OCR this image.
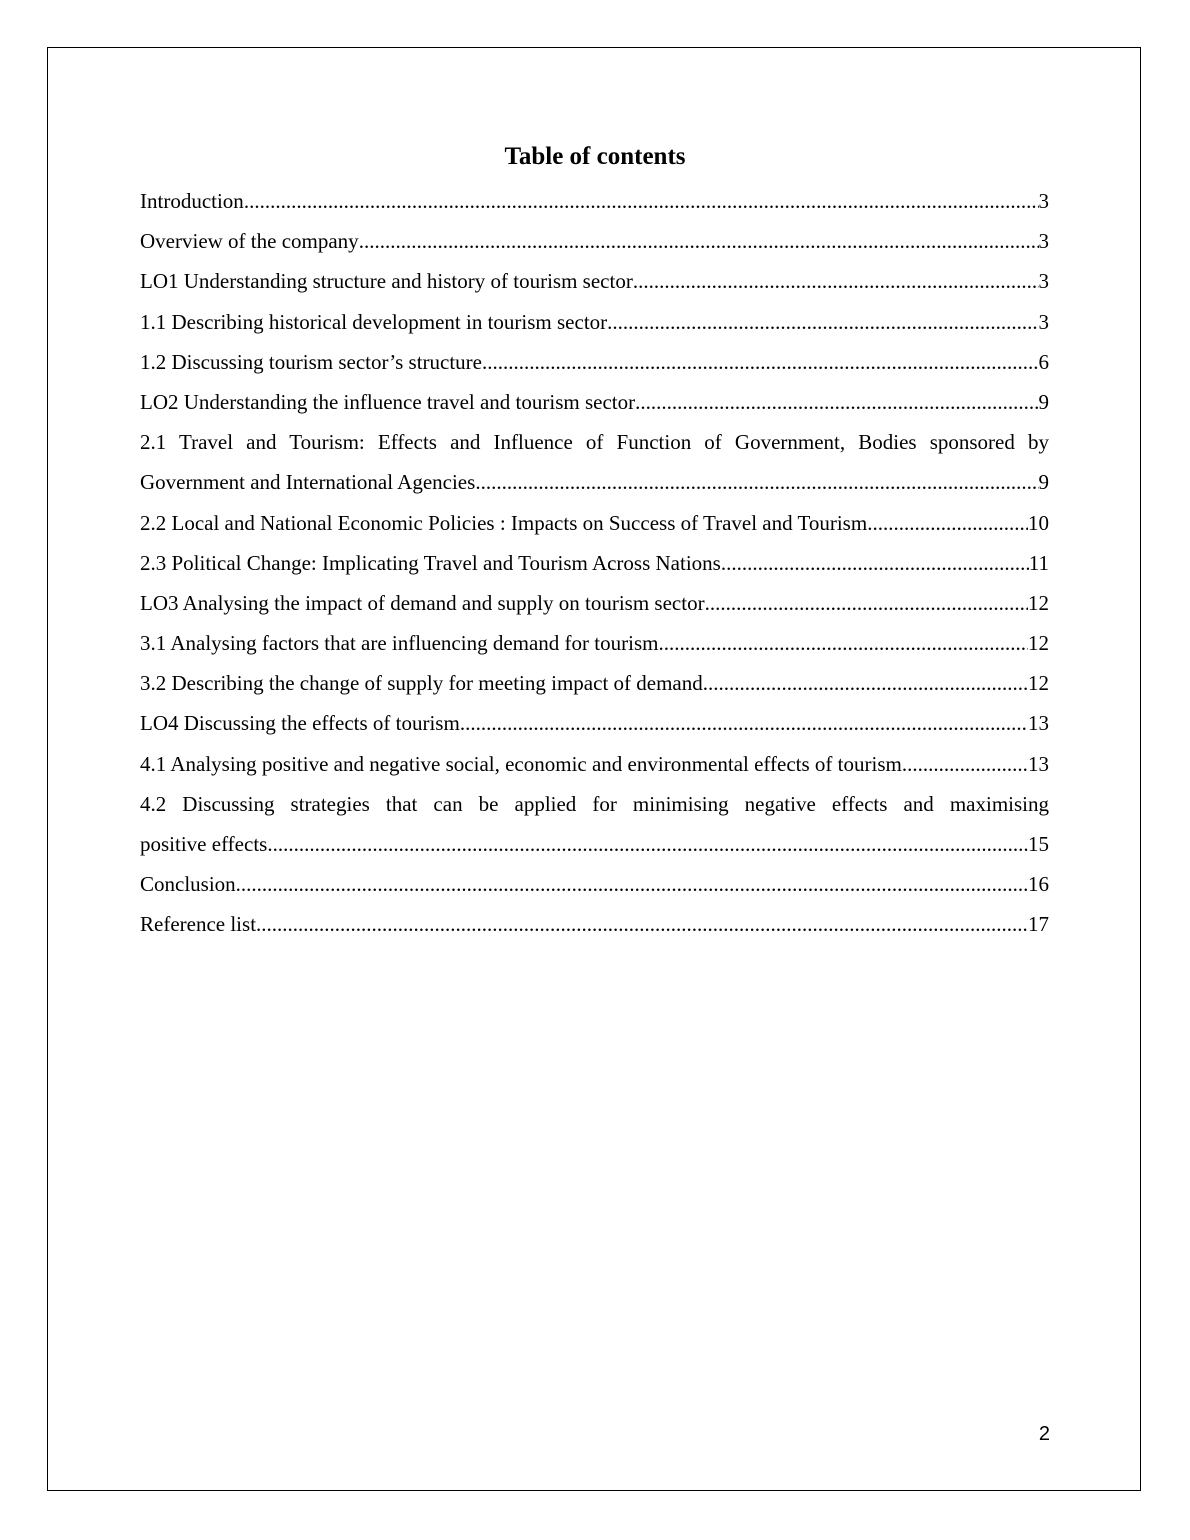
Table of contents
Introduction .....	3
Overview of the company .....	3
LO1 Understanding structure and history of tourism sector .....	3
1.1 Describing historical development in tourism sector .....	3
1.2 Discussing tourism sector’s structure .....	6
LO2 Understanding the influence travel and tourism sector .....	9
2.1 Travel and Tourism: Effects and Influence of Function of Government, Bodies sponsored by
Government and International Agencies .....	9
2.2 Local and National Economic Policies : Impacts on Success of Travel and Tourism .....	10
2.3 Political Change: Implicating Travel and Tourism Across Nations .....	11
LO3 Analysing the impact of demand and supply on tourism sector .....	12
3.1 Analysing factors that are influencing demand for tourism .....	12
3.2 Describing the change of supply for meeting impact of demand .....	12
LO4 Discussing the effects of tourism .....	13
4.1 Analysing positive and negative social, economic and environmental effects of tourism .....	13
4.2 Discussing strategies that can be applied for minimising negative effects and maximising
positive effects .....	15
Conclusion .....	16
Reference list .....	17
2
